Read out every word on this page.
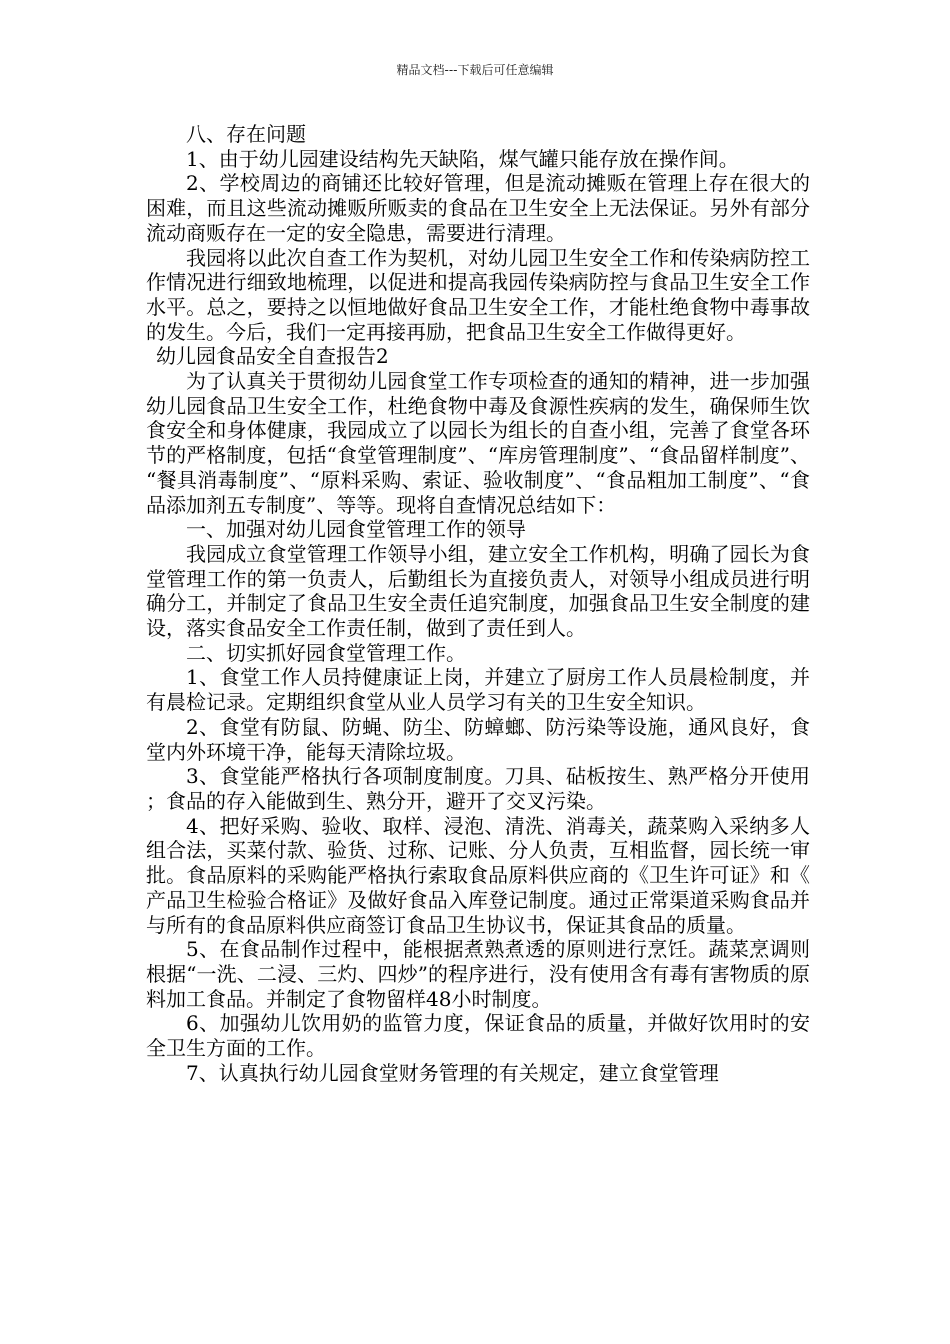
精品文档---下载后可任意编辑

八、存在问题

1、由于幼儿园建设结构先天缺陷，煤气罐只能存放在操作间。

2、学校周边的商铺还比较好管理，但是流动摊贩在管理上存在很大的困难，而且这些流动摊贩所贩卖的食品在卫生安全上无法保证。另外有部分流动商贩存在一定的安全隐患，需要进行清理。

我园将以此次自查工作为契机，对幼儿园卫生安全工作和传染病防控工作情况进行细致地梳理，以促进和提高我园传染病防控与食品卫生安全工作水平。总之，要持之以恒地做好食品卫生安全工作，才能杜绝食物中毒事故的发生。今后，我们一定再接再励，把食品卫生安全工作做得更好。

幼儿园食品安全自查报告2

为了认真关于贯彻幼儿园食堂工作专项检查的通知的精神，进一步加强幼儿园食品卫生安全工作，杜绝食物中毒及食源性疾病的发生，确保师生饮食安全和身体健康，我园成立了以园长为组长的自查小组，完善了食堂各环节的严格制度，包括“食堂管理制度”、“库房管理制度”、“食品留样制度”、“餐具消毒制度”、“原料采购、索证、验收制度”、“食品粗加工制度”、“食品添加剂五专制度”、等等。现将自查情况总结如下：

一、加强对幼儿园食堂管理工作的领导

我园成立食堂管理工作领导小组，建立安全工作机构，明确了园长为食堂管理工作的第一负责人，后勤组长为直接负责人，对领导小组成员进行明确分工，并制定了食品卫生安全责任追究制度，加强食品卫生安全制度的建设，落实食品安全工作责任制，做到了责任到人。

二、切实抓好园食堂管理工作。

1、食堂工作人员持健康证上岗，并建立了厨房工作人员晨检制度，并有晨检记录。定期组织食堂从业人员学习有关的卫生安全知识。

2、食堂有防鼠、防蝇、防尘、防蟑螂、防污染等设施，通风良好，食堂内外环境干净，能每天清除垃圾。

3、食堂能严格执行各项制度制度。刀具、砧板按生、熟严格分开使用；食品的存入能做到生、熟分开，避开了交叉污染。

4、把好采购、验收、取样、浸泡、清洗、消毒关，蔬菜购入采纳多人组合法，买菜付款、验货、过称、记账、分人负责，互相监督，园长统一审批。食品原料的采购能严格执行索取食品原料供应商的《卫生许可证》和《产品卫生检验合格证》及做好食品入库登记制度。通过正常渠道采购食品并与所有的食品原料供应商签订食品卫生协议书，保证其食品的质量。

5、在食品制作过程中，能根据煮熟煮透的原则进行烹饪。蔬菜烹调则根据“一洗、二浸、三灼、四炒”的程序进行，没有使用含有毒有害物质的原料加工食品。并制定了食物留样48小时制度。

6、加强幼儿饮用奶的监管力度，保证食品的质量，并做好饮用时的安全卫生方面的工作。

7、认真执行幼儿园食堂财务管理的有关规定，建立食堂管理
